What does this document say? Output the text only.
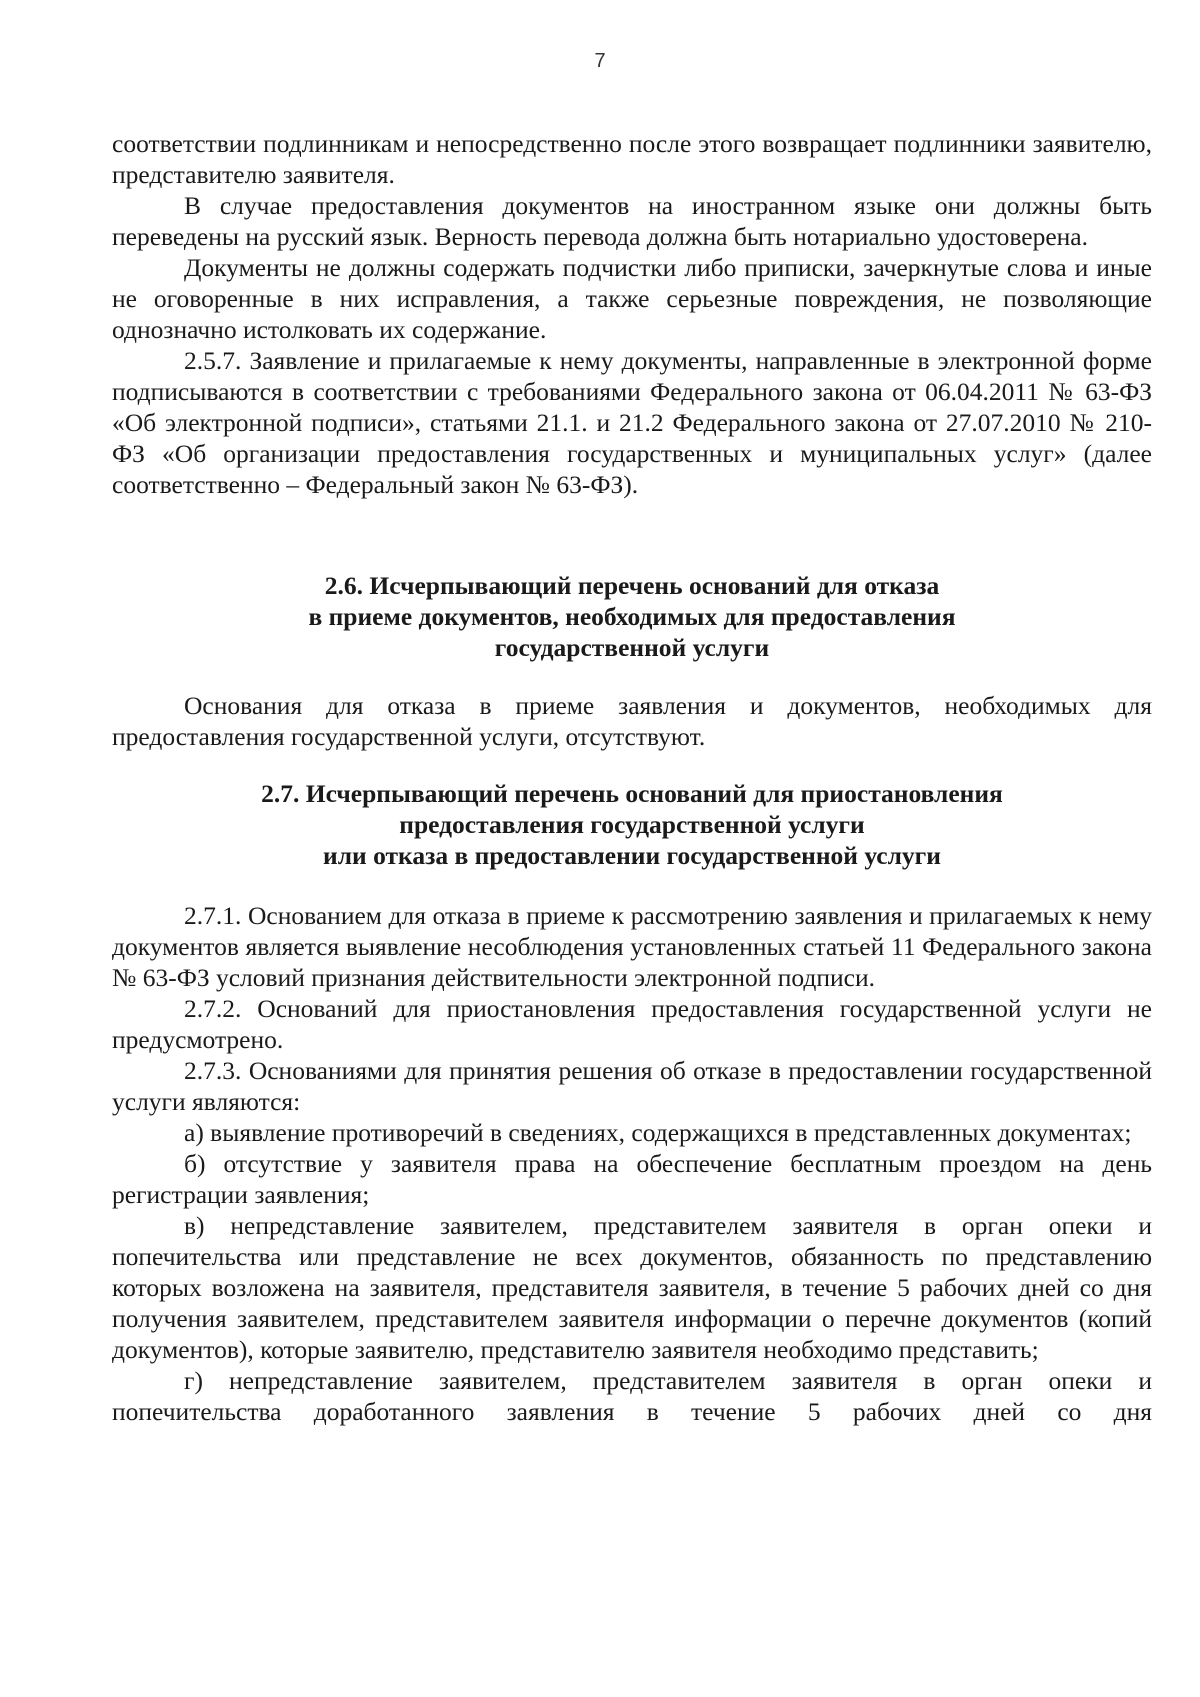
7

соответствии подлинникам и непосредственно после этого возвращает подлинники заявителю, представителю заявителя.

В случае предоставления документов на иностранном языке они должны быть переведены на русский язык. Верность перевода должна быть нотариально удостоверена.

Документы не должны содержать подчистки либо приписки, зачеркнутые слова и иные не оговоренные в них исправления, а также серьезные повреждения, не позволяющие однозначно истолковать их содержание.

2.5.7. Заявление и прилагаемые к нему документы, направленные в электронной форме подписываются в соответствии с требованиями Федерального закона от 06.04.2011 № 63-ФЗ «Об электронной подписи», статьями 21.1. и 21.2 Федерального закона от 27.07.2010 № 210-ФЗ «Об организации предоставления государственных и муниципальных услуг» (далее соответственно – Федеральный закон № 63-ФЗ).

2.6. Исчерпывающий перечень оснований для отказа
в приеме документов, необходимых для предоставления
государственной услуги

Основания для отказа в приеме заявления и документов, необходимых для предоставления государственной услуги, отсутствуют.

2.7. Исчерпывающий перечень оснований для приостановления
предоставления государственной услуги
или отказа в предоставлении государственной услуги

2.7.1. Основанием для отказа в приеме к рассмотрению заявления и прилагаемых к нему документов является выявление несоблюдения установленных статьей 11 Федерального закона № 63-ФЗ условий признания действительности электронной подписи.

2.7.2. Оснований для приостановления предоставления государственной услуги не предусмотрено.

2.7.3. Основаниями для принятия решения об отказе в предоставлении государственной услуги являются:

а) выявление противоречий в сведениях, содержащихся в представленных документах;

б) отсутствие у заявителя права на обеспечение бесплатным проездом на день регистрации заявления;

в) непредставление заявителем, представителем заявителя в орган опеки и попечительства или представление не всех документов, обязанность по представлению которых возложена на заявителя, представителя заявителя, в течение 5 рабочих дней со дня получения заявителем, представителем заявителя информации о перечне документов (копий документов), которые заявителю, представителю заявителя необходимо представить;

г) непредставление заявителем, представителем заявителя в орган опеки и попечительства доработанного заявления в течение 5 рабочих дней со дня
